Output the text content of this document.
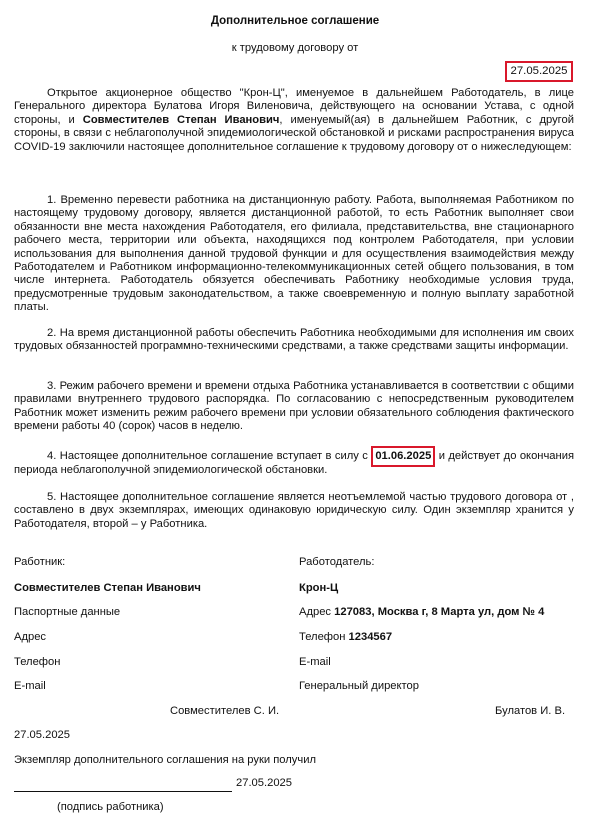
Дополнительное соглашение
к трудовому договору от
27.05.2025

Открытое акционерное общество "Крон-Ц", именуемое в дальнейшем Работодатель, в лице Генерального директора Булатова Игоря Виленовича, действующего на основании Устава, с одной стороны, и Совместителев Степан Иванович, именуемый(ая) в дальнейшем Работник, с другой стороны, в связи с неблагополучной эпидемиологической обстановкой и рисками распространения вируса COVID-19 заключили настоящее дополнительное соглашение к трудовому договору от о нижеследующем:

1. Временно перевести работника на дистанционную работу. Работа, выполняемая Работником по настоящему трудовому договору, является дистанционной работой, то есть Работник выполняет свои обязанности вне места нахождения Работодателя, его филиала, представительства, вне стационарного рабочего места, территории или объекта, находящихся под контролем Работодателя, при условии использования для выполнения данной трудовой функции и для осуществления взаимодействия между Работодателем и Работником информационно-телекоммуникационных сетей общего пользования, в том числе интернета. Работодатель обязуется обеспечивать Работнику необходимые условия труда, предусмотренные трудовым законодательством, а также своевременную и полную выплату заработной платы.

2. На время дистанционной работы обеспечить Работника необходимыми для исполнения им своих трудовых обязанностей программно-техническими средствами, а также средствами защиты информации.

3. Режим рабочего времени и времени отдыха Работника устанавливается в соответствии с общими правилами внутреннего трудового распорядка. По согласованию с непосредственным руководителем Работник может изменить режим рабочего времени при условии обязательного соблюдения фактического времени работы 40 (сорок) часов в неделю.

4. Настоящее дополнительное соглашение вступает в силу с 01.06.2025 и действует до окончания периода неблагополучной эпидемиологической обстановки.

5. Настоящее дополнительное соглашение является неотъемлемой частью трудового договора от , составлено в двух экземплярах, имеющих одинаковую юридическую силу. Один экземпляр хранится у Работодателя, второй – у Работника.

Работник:
Совместителев Степан Иванович
Паспортные данные
Адрес
Телефон
E-mail
Работодатель:
Крон-Ц
Адрес 127083, Москва г, 8 Марта ул, дом № 4
Телефон 1234567
E-mail
Генеральный директор
Совместителев С. И.	Булатов И. В.
27.05.2025
Экземпляр дополнительного соглашения на руки получил
27.05.2025
(подпись работника)
